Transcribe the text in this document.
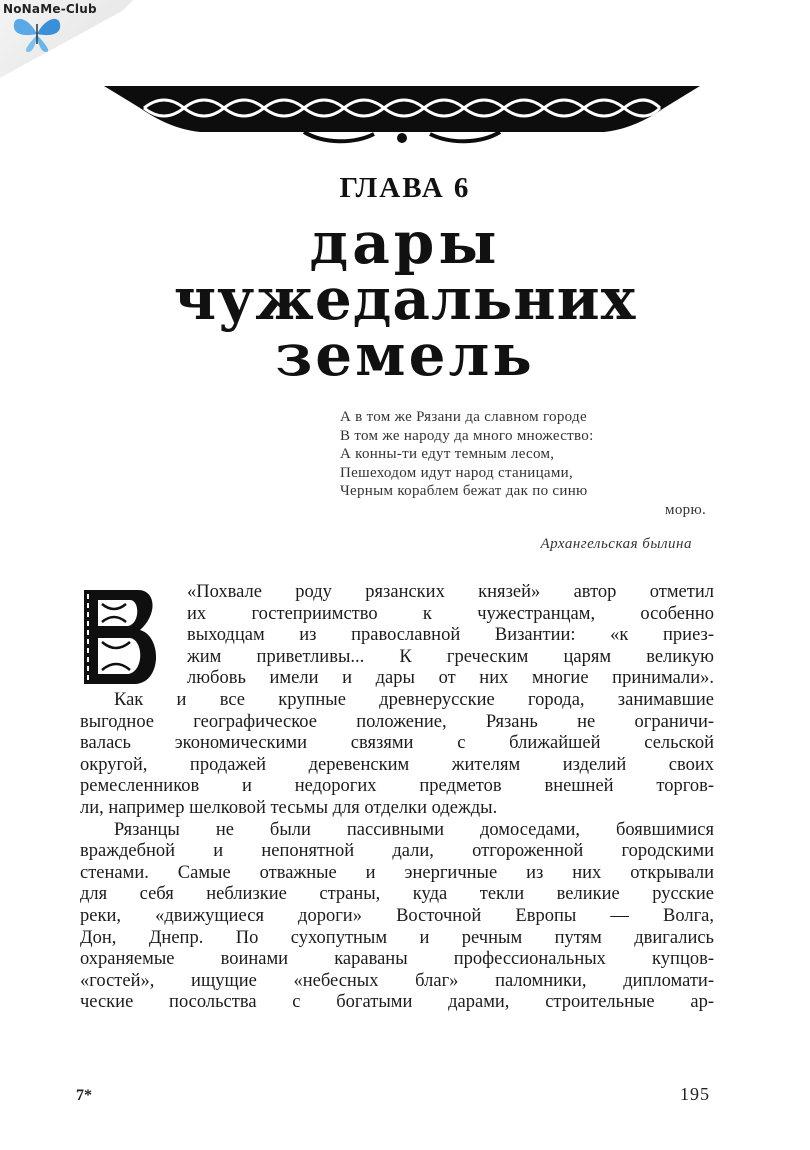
NoNaMe-Club
ГЛАВА 6
дары
чужедальних
земель
А в том же Рязани да славном городе
В том же народу да много множество:
А конны-ти едут темным лесом,
Пешеходом идут народ станицами,
Черным кораблем бежат дак по синю
морю.
Архангельская былина
В
«Похвале роду рязанских князей» автор отметил
их гостеприимство к чужестранцам, особенно
выходцам из православной Византии: «к приез-
жим приветливы... К греческим царям великую
любовь имели и дары от них многие принимали».
Как и все крупные древнерусские города, занимавшие
выгодное географическое положение, Рязань не ограничи-
валась экономическими связями с ближайшей сельской
округой, продажей деревенским жителям изделий своих
ремесленников и недорогих предметов внешней торгов-
ли, например шелковой тесьмы для отделки одежды.
Рязанцы не были пассивными домоседами, боявшимися
враждебной и непонятной дали, отгороженной городскими
стенами. Самые отважные и энергичные из них открывали
для себя неблизкие страны, куда текли великие русские
реки, «движущиеся дороги» Восточной Европы — Волга,
Дон, Днепр. По сухопутным и речным путям двигались
охраняемые воинами караваны профессиональных купцов-
«гостей», ищущие «небесных благ» паломники, дипломати-
ческие посольства с богатыми дарами, строительные ар-
7*	195
